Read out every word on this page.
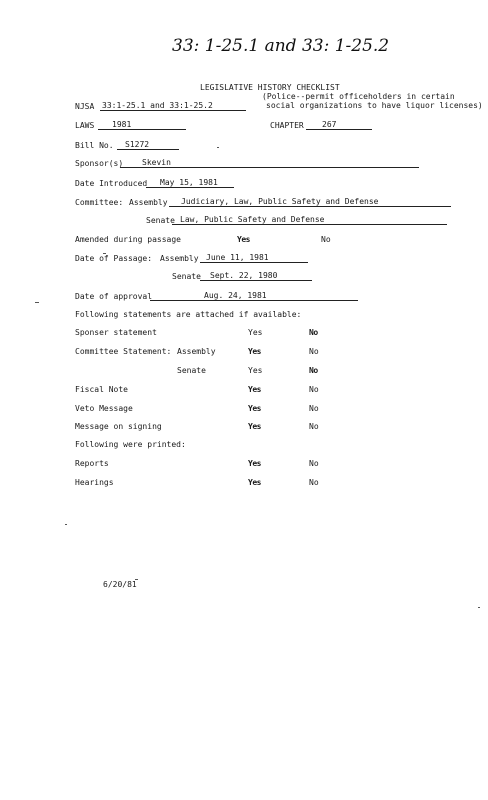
33: 1-25.1 and 33: 1-25.2
LEGISLATIVE HISTORY CHECKLIST
(Police--permit officeholders in certain
social organizations to have liquor licenses)
NJSA 33:1-25.1 and 33:1-25.2
LAWS	1981	CHAPTER	267
Bill No.	S1272
Sponsor(s)	Skevin
Date Introduced	May 15, 1981
Committee: Assembly	Judiciary, Law, Public Safety and Defense
Senate Law, Public Safety and Defense
Amended during passage	Yes	No
Date of Passage: Assembly June 11, 1981
Senate	Sept. 22, 1980
Date of approval	Aug. 24, 1981
Following statements are attached if available:
Sponser statement	Yes	No
Committee Statement: Assembly	Yes	No
Senate	Yes	No
Fiscal Note	Yes	No
Veto Message	Yes	No
Message on signing	Yes	No
Following were printed:
Reports	Yes	No
Hearings	Yes	No
6/20/81
